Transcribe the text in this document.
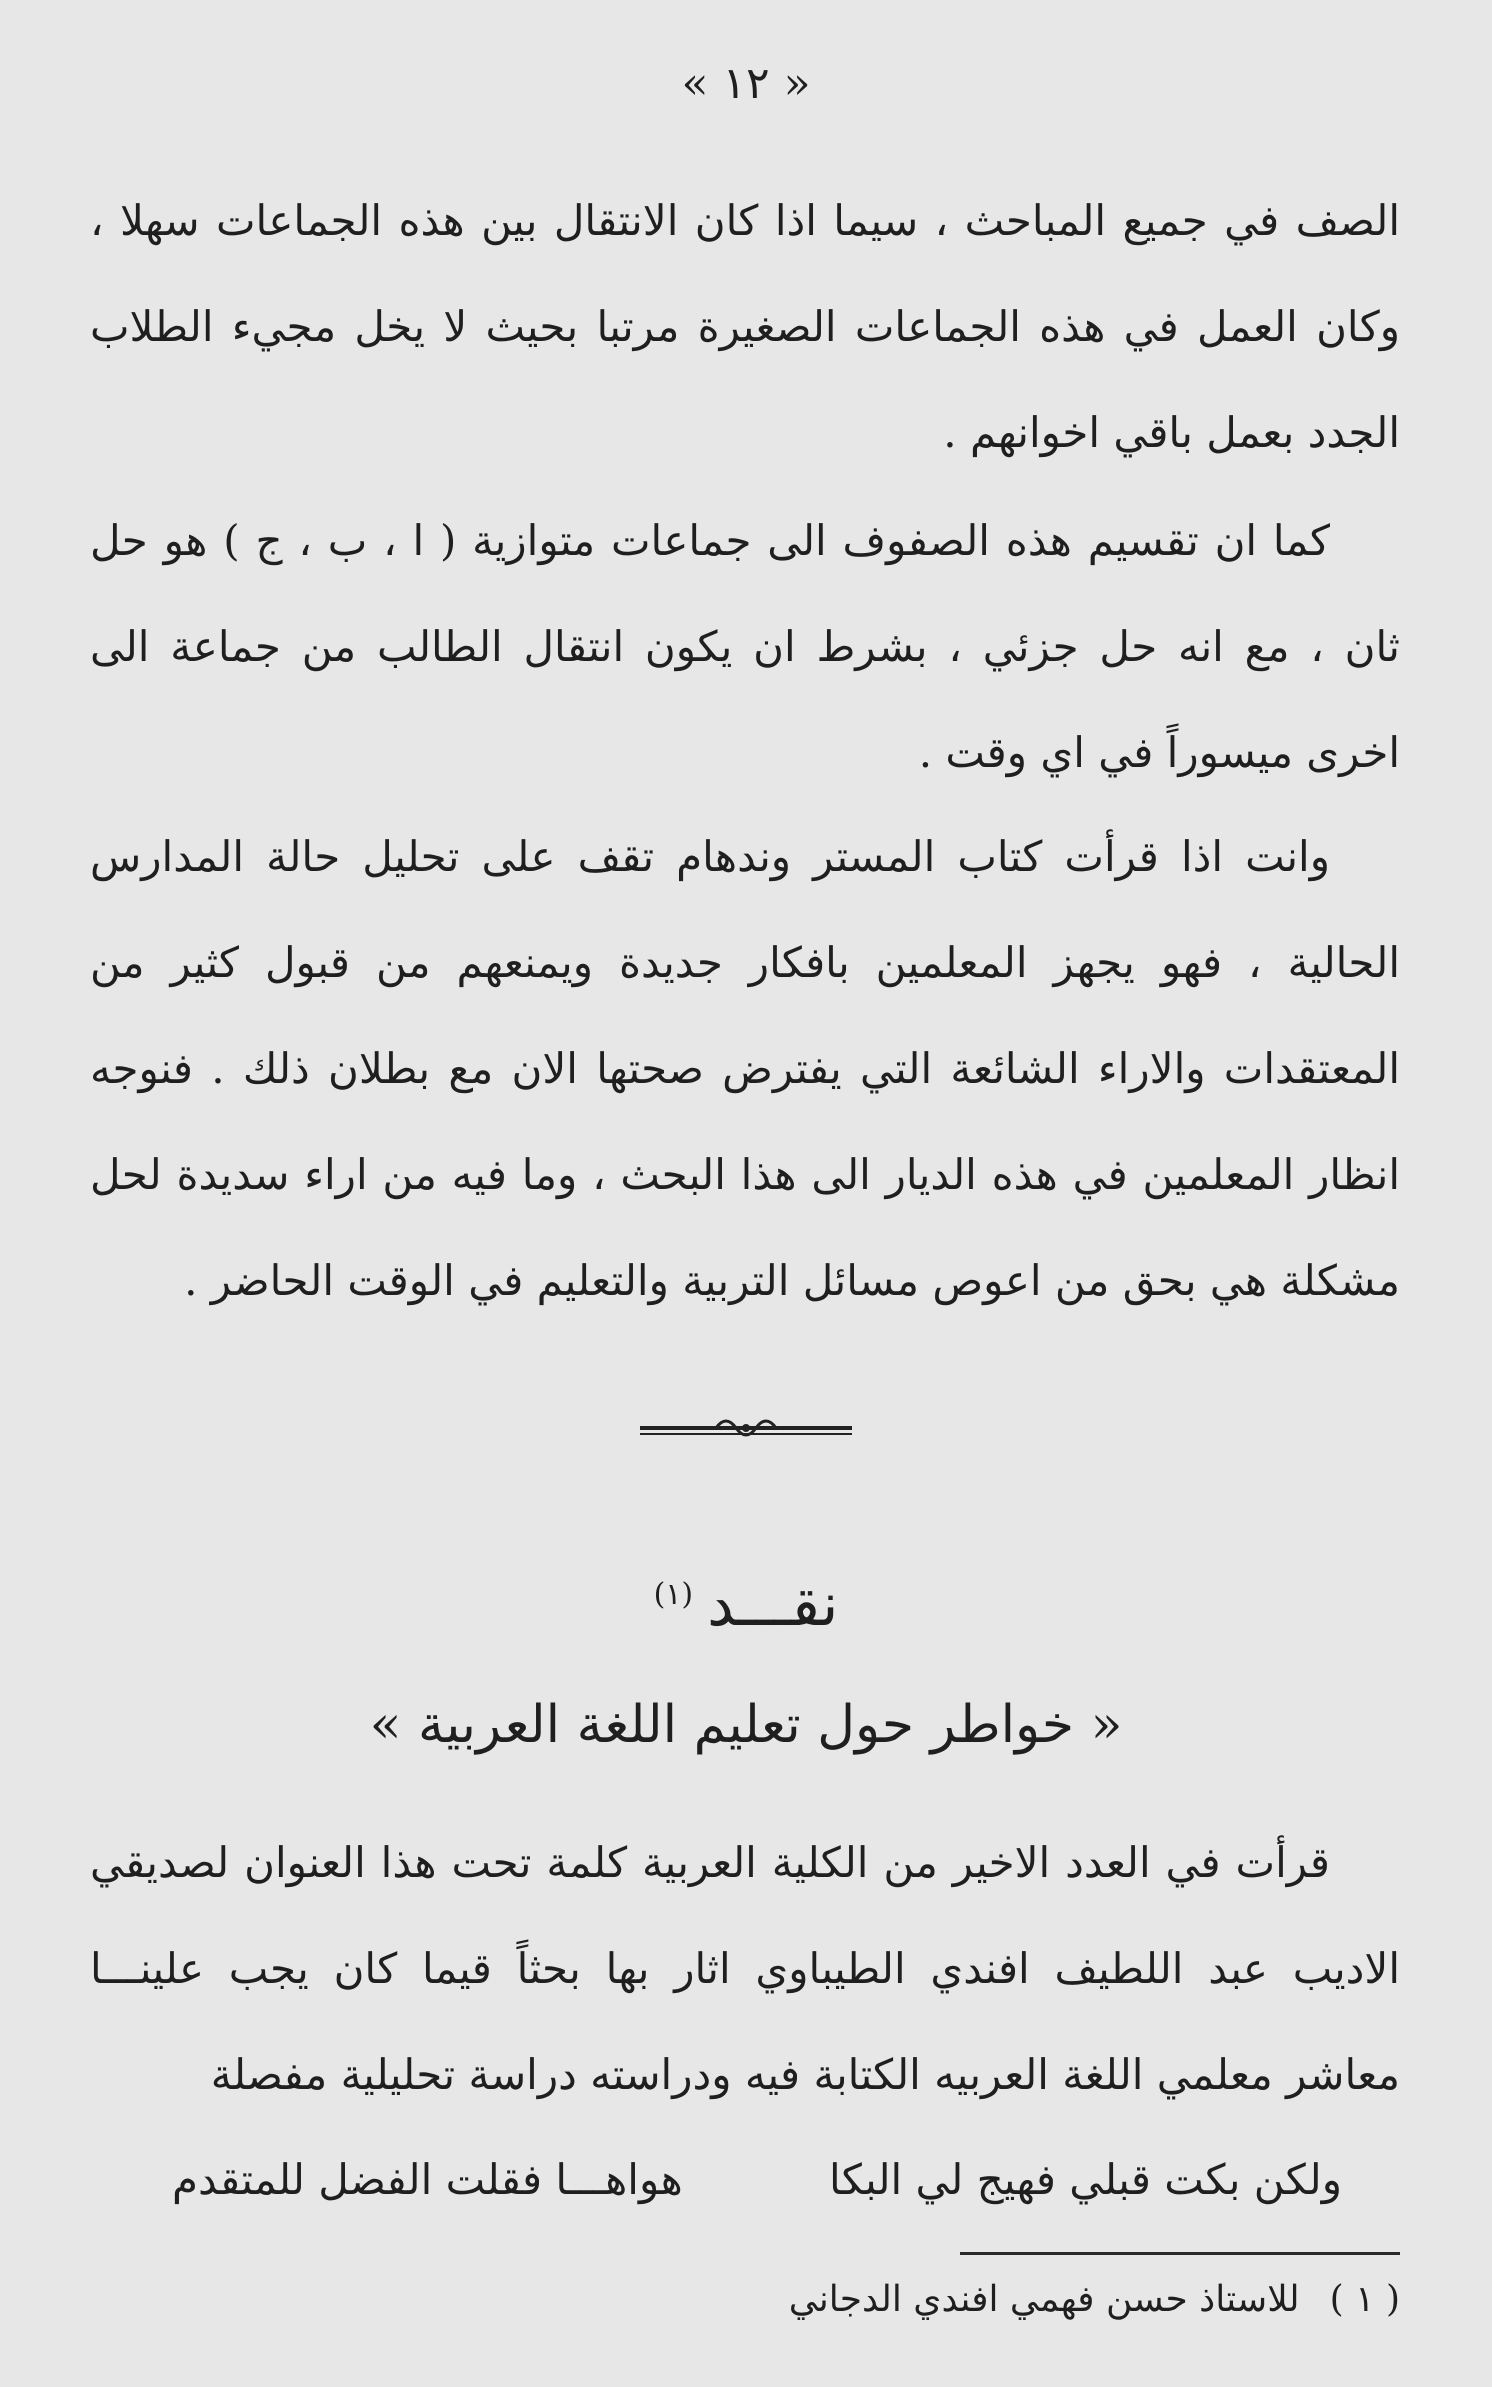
« ١٢ »

الصف في جميع المباحث ، سيما اذا كان الانتقال بين هذه الجماعات سهلا ، وكان العمل في هذه الجماعات الصغيرة مرتبا بحيث لا يخل مجيء الطلاب الجدد بعمل باقي اخوانهم .

كما ان تقسيم هذه الصفوف الى جماعات متوازية ( ا ، ب ، ج ) هو حل ثان ، مع انه حل جزئي ، بشرط ان يكون انتقال الطالب من جماعة الى اخرى ميسوراً في اي وقت .

وانت اذا قرأت كتاب المستر وندهام تقف على تحليل حالة المدارس الحالية ، فهو يجهز المعلمين بافكار جديدة ويمنعهم من قبول كثير من المعتقدات والاراء الشائعة التي يفترض صحتها الان مع بطلان ذلك . فنوجه انظار المعلمين في هذه الديار الى هذا البحث ، وما فيه من اراء سديدة لحل مشكلة هي بحق من اعوص مسائل التربية والتعليم في الوقت الحاضر .

نقـــد$^{(١)}$
« خواطر حول تعليم اللغة العربية »

قرأت في العدد الاخير من الكلية العربية كلمة تحت هذا العنوان لصديقي الاديب عبد اللطيف افندي الطيباوي اثار بها بحثاً قيما كان يجب علينـــا معاشر معلمي اللغة العربيه الكتابة فيه ودراسته دراسة تحليلية مفصلة

ولكن بكت قبلي فهيج لي البكا
هواهـــا فقلت الفضل للمتقدم
( ١ )للاستاذ حسن فهمي افندي الدجاني
